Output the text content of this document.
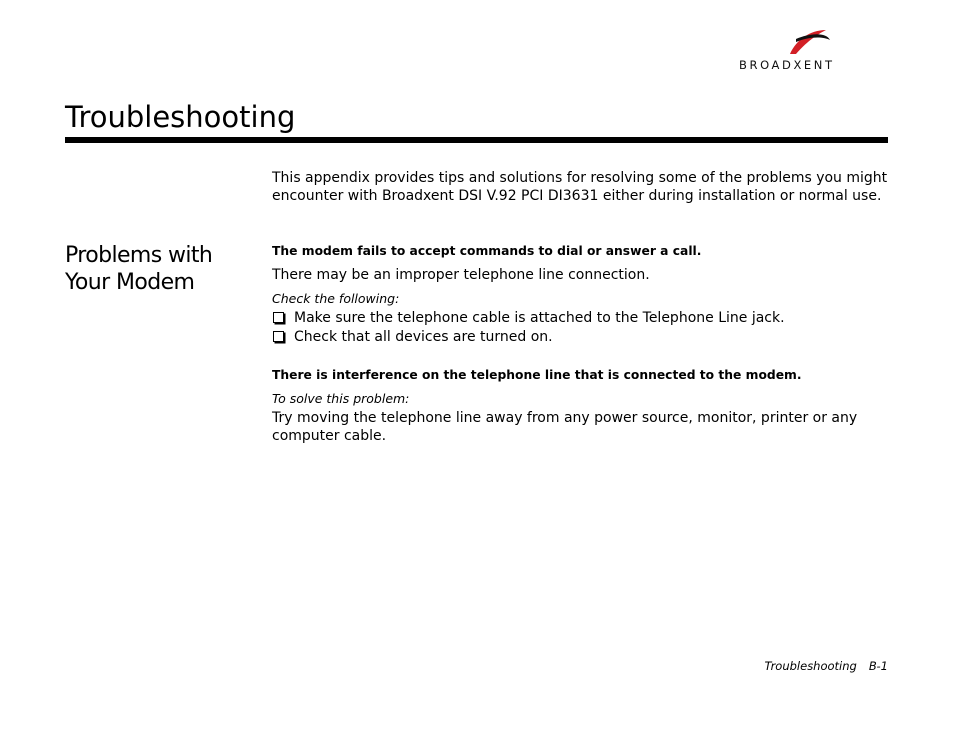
BROADXENT
Troubleshooting

This appendix provides tips and solutions for resolving some of the problems you might encounter with Broadxent DSI V.92 PCI DI3631 either during installation or normal use.

Problems with Your Modem

The modem fails to accept commands to dial or answer a call.

There may be an improper telephone line connection.

Check the following:

Make sure the telephone cable is attached to the Telephone Line jack.
Check that all devices are turned on.

There is interference on the telephone line that is connected to the modem.

To solve this problem:

Try moving the telephone line away from any power source, monitor, printer or any computer cable.

Troubleshooting B-1
